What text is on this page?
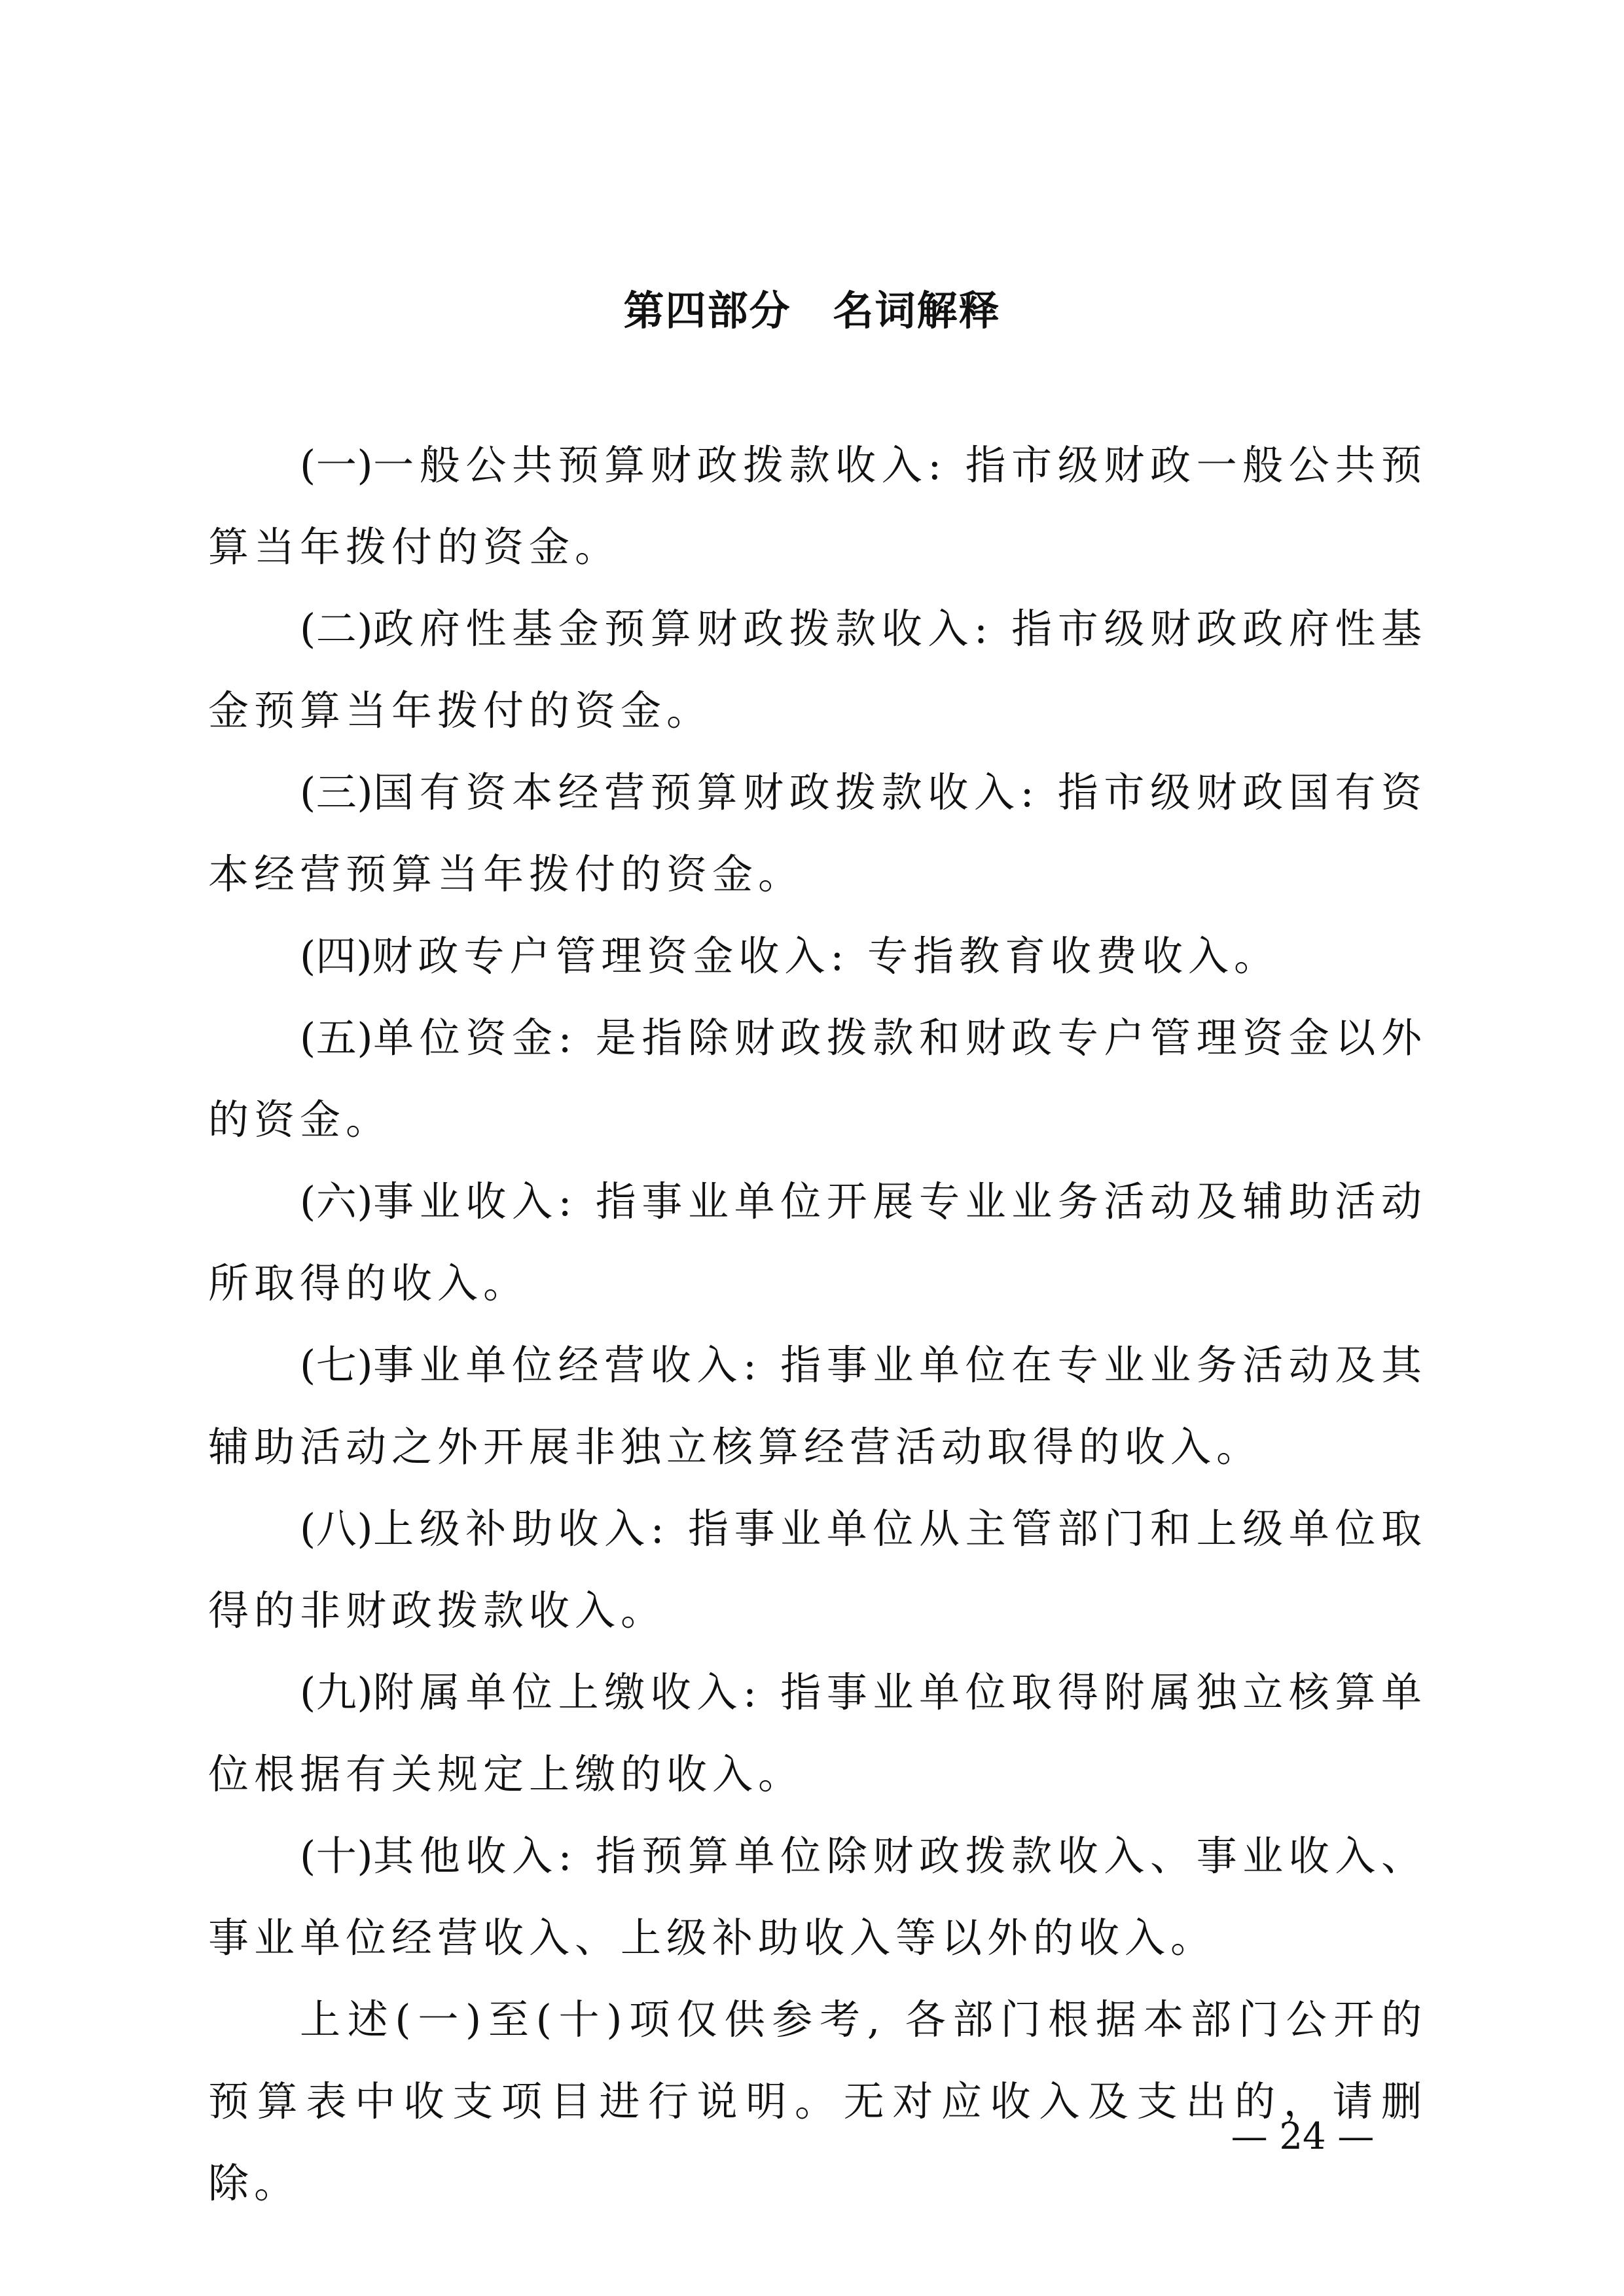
第四部分　名词解释

(一)一般公共预算财政拨款收入: 指市级财政一般公共预算当年拨付的资金。

(二)政府性基金预算财政拨款收入: 指市级财政政府性基金预算当年拨付的资金。

(三)国有资本经营预算财政拨款收入: 指市级财政国有资本经营预算当年拨付的资金。

(四)财政专户管理资金收入: 专指教育收费收入。

(五)单位资金: 是指除财政拨款和财政专户管理资金以外的资金。

(六)事业收入: 指事业单位开展专业业务活动及辅助活动所取得的收入。

(七)事业单位经营收入: 指事业单位在专业业务活动及其辅助活动之外开展非独立核算经营活动取得的收入。

(八)上级补助收入: 指事业单位从主管部门和上级单位取得的非财政拨款收入。

(九)附属单位上缴收入: 指事业单位取得附属独立核算单位根据有关规定上缴的收入。

(十)其他收入: 指预算单位除财政拨款收入、事业收入、事业单位经营收入、上级补助收入等以外的收入。

上述(一)至(十)项仅供参考, 各部门根据本部门公开的预算表中收支项目进行说明。无对应收入及支出的，请删除。

— 24 —
